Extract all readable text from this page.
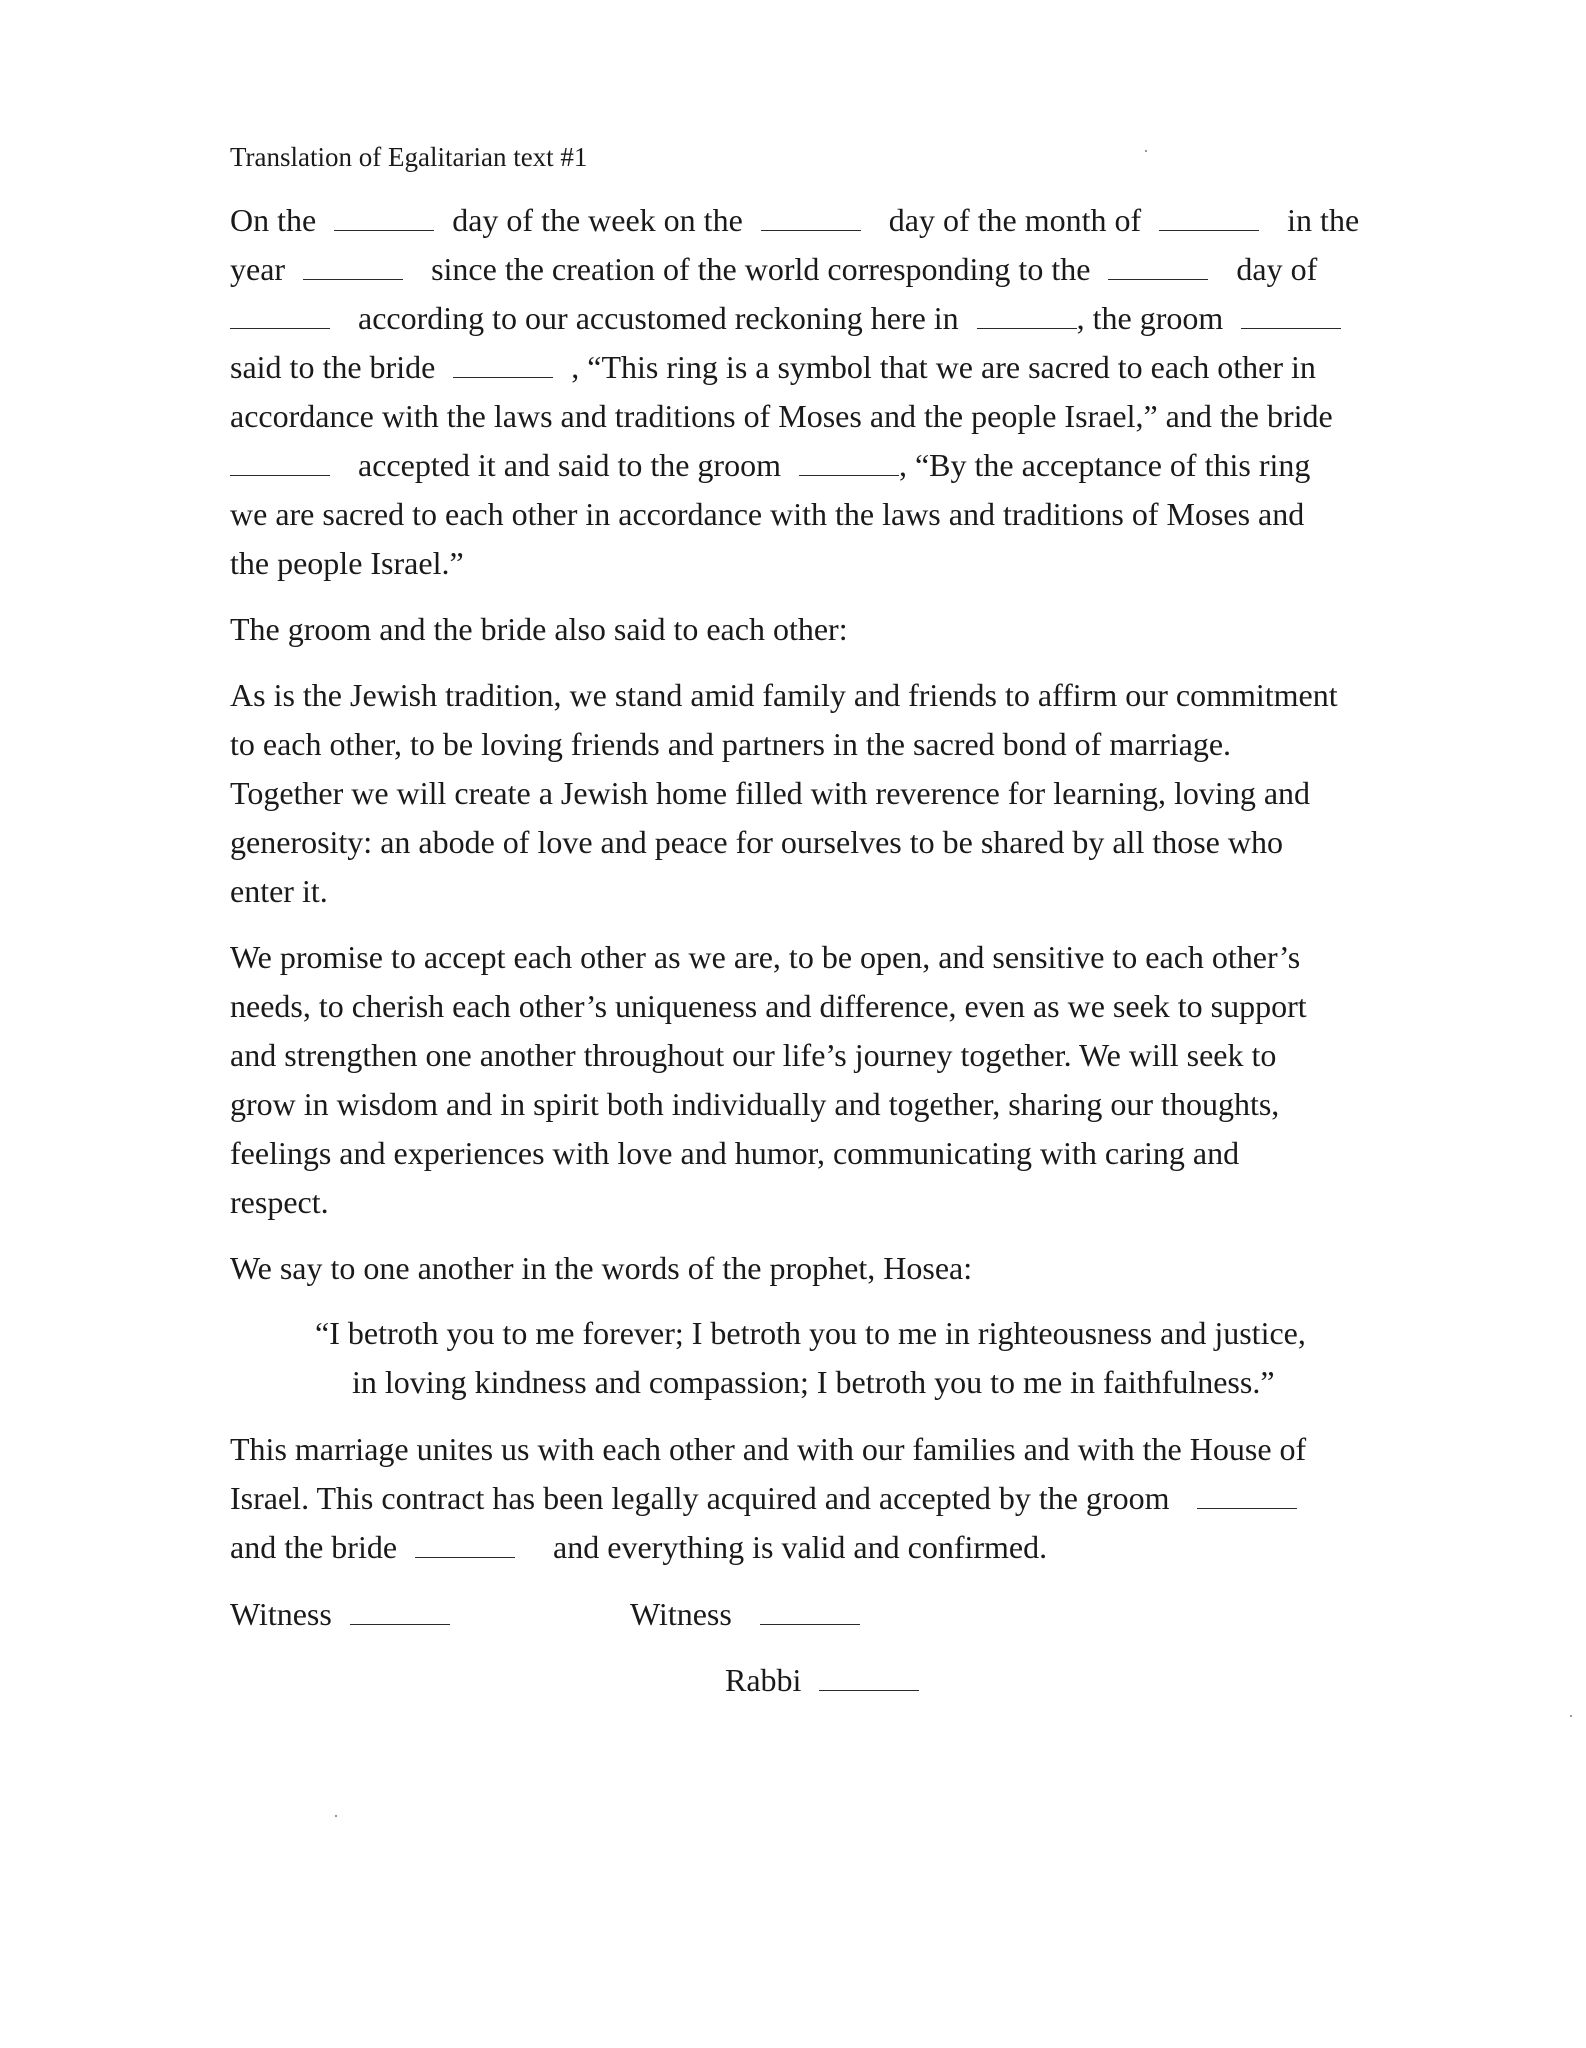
Translation of Egalitarian text #1
On the	day of the week on the	day of the month of	in the
year	since the creation of the world corresponding to the	day of
according to our accustomed reckoning here in	, the groom
said to the bride	, “This ring is a symbol that we are sacred to each other in
accordance with the laws and traditions of Moses and the people Israel,” and the bride
accepted it and said to the groom	, “By the acceptance of this ring
we are sacred to each other in accordance with the laws and traditions of Moses and
the people Israel.”
The groom and the bride also said to each other:
As is the Jewish tradition, we stand amid family and friends to affirm our commitment
to each other, to be loving friends and partners in the sacred bond of marriage.
Together we will create a Jewish home filled with reverence for learning, loving and
generosity: an abode of love and peace for ourselves to be shared by all those who
enter it.
We promise to accept each other as we are, to be open, and sensitive to each other’s
needs, to cherish each other’s uniqueness and difference, even as we seek to support
and strengthen one another throughout our life’s journey together. We will seek to
grow in wisdom and in spirit both individually and together, sharing our thoughts,
feelings and experiences with love and humor, communicating with caring and
respect.
We say to one another in the words of the prophet, Hosea:
“I betroth you to me forever; I betroth you to me in righteousness and justice,
in loving kindness and compassion; I betroth you to me in faithfulness.”
This marriage unites us with each other and with our families and with the House of
Israel. This contract has been legally acquired and accepted by the groom
and the bride	and everything is valid and confirmed.
Witness	Witness
Rabbi
